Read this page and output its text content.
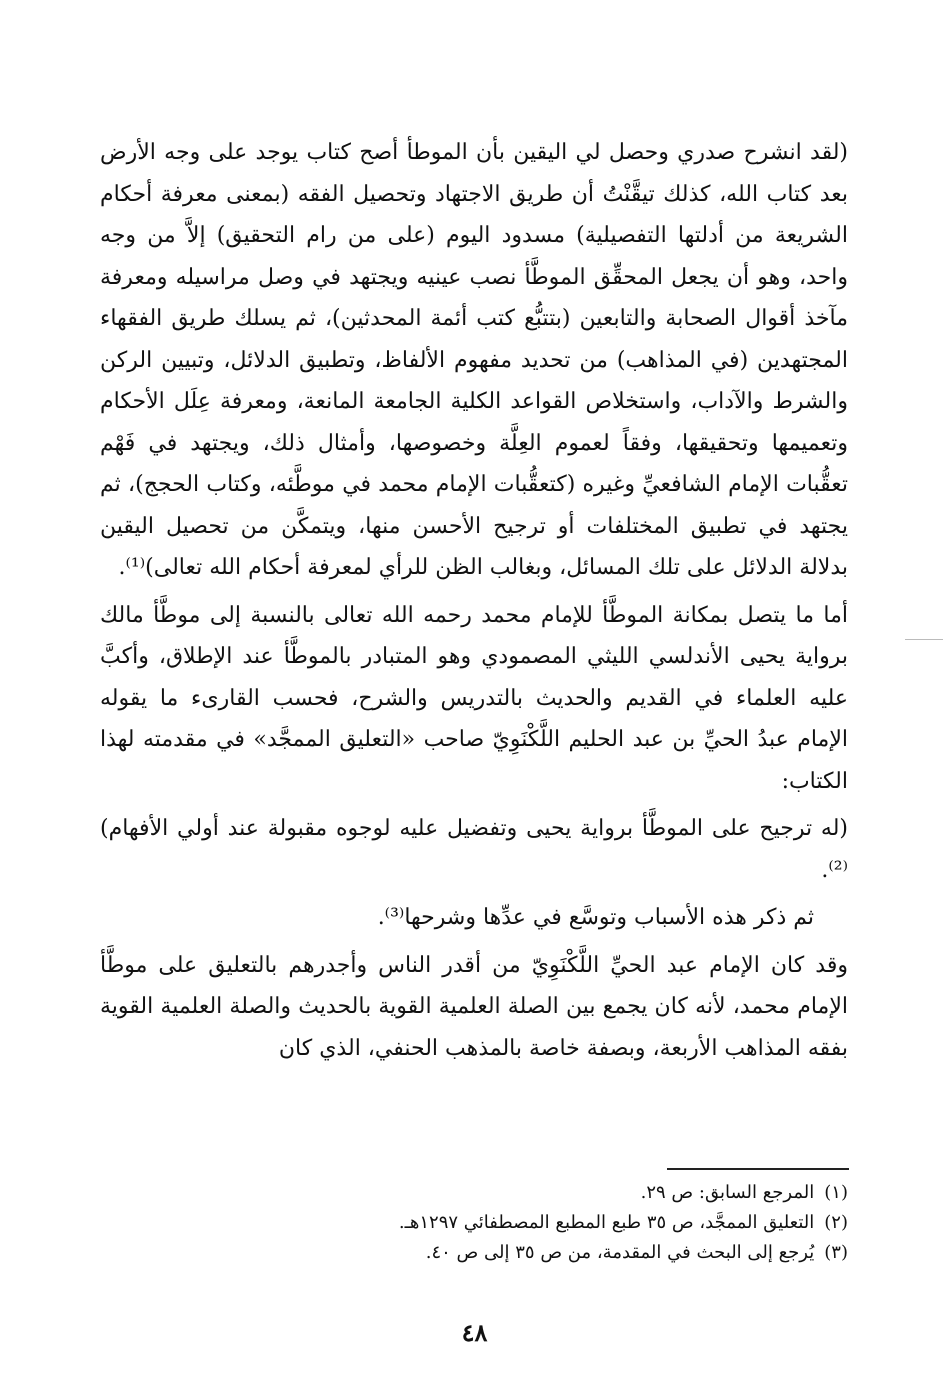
(لقد انشرح صدري وحصل لي اليقين بأن الموطأ أصح كتاب يوجد على وجه الأرض بعد كتاب الله، كذلك تيقَّنْتُ أن طريق الاجتهاد وتحصيل الفقه (بمعنى معرفة أحكام الشريعة من أدلتها التفصيلية) مسدود اليوم (على من رام التحقيق) إلاَّ من وجه واحد، وهو أن يجعل المحقِّق الموطَّأ نصب عينيه ويجتهد في وصل مراسيله ومعرفة مآخذ أقوال الصحابة والتابعين (بتتبُّع كتب أئمة المحدثين)، ثم يسلك طريق الفقهاء المجتهدين (في المذاهب) من تحديد مفهوم الألفاظ، وتطبيق الدلائل، وتبيين الركن والشرط والآداب، واستخلاص القواعد الكلية الجامعة المانعة، ومعرفة عِلَل الأحكام وتعميمها وتحقيقها، وفقاً لعموم العِلَّة وخصوصها، وأمثال ذلك، ويجتهد في فَهْم تعقُّبات الإمام الشافعيِّ وغيره (كتعقُّبات الإمام محمد في موطَّئه، وكتاب الحجج)، ثم يجتهد في تطبيق المختلفات أو ترجيح الأحسن منها، ويتمكَّن من تحصيل اليقين بدلالة الدلائل على تلك المسائل، وبغالب الظن للرأي لمعرفة أحكام الله تعالى)⁽¹⁾.

أما ما يتصل بمكانة الموطَّأ للإمام محمد رحمه الله تعالى بالنسبة إلى موطَّأ مالك برواية يحيى الأندلسي الليثي المصمودي وهو المتبادر بالموطَّأ عند الإطلاق، وأكبَّ عليه العلماء في القديم والحديث بالتدريس والشرح، فحسب القارىء ما يقوله الإمام عبدُ الحيِّ بن عبد الحليم اللَّكْنَوِيّ صاحب «التعليق الممجَّد» في مقدمته لهذا الكتاب:

(له ترجيح على الموطَّأ برواية يحيى وتفضيل عليه لوجوه مقبولة عند أولي الأفهام)⁽²⁾.

ثم ذكر هذه الأسباب وتوسَّع في عدِّها وشرحها⁽³⁾.

وقد كان الإمام عبد الحيِّ اللَّكْنَوِيّ من أقدر الناس وأجدرهم بالتعليق على موطَّأ الإمام محمد، لأنه كان يجمع بين الصلة العلمية القوية بالحديث والصلة العلمية القوية بفقه المذاهب الأربعة، وبصفة خاصة بالمذهب الحنفي، الذي كان

(١)المرجع السابق: ص ٢٩.
(٢)التعليق الممجَّد، ص ٣٥ طبع المطبع المصطفائي ١٢٩٧هـ.
(٣)يُرجع إلى البحث في المقدمة، من ص ٣٥ إلى ص ٤٠.
٤٨
